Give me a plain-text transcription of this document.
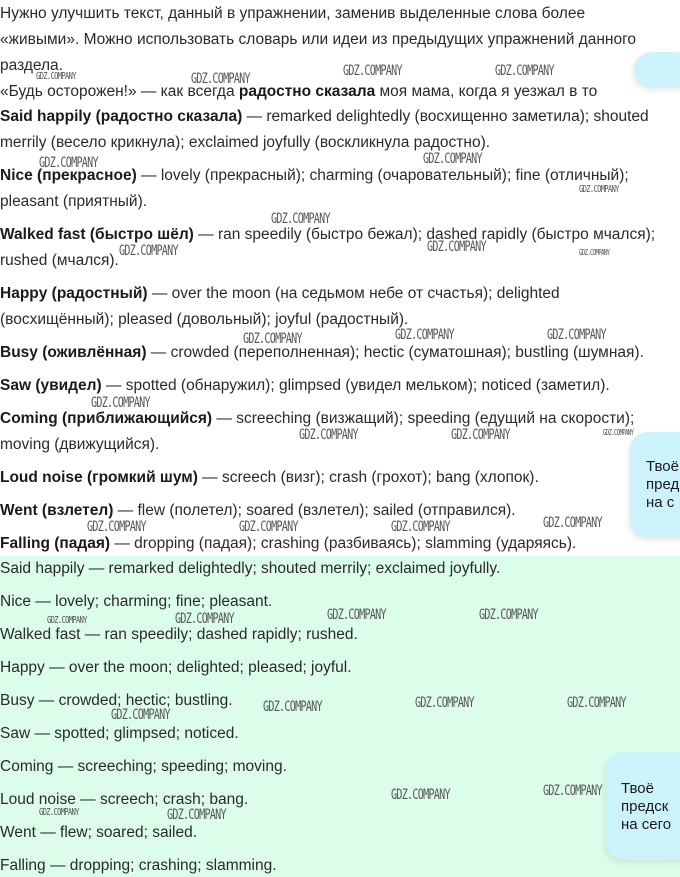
Нужно улучшить текст, данный в упражнении, заменив выделенные слова более
«живыми». Можно использовать словарь или идеи из предыдущих упражнений данного
раздела.
«Будь осторожен!» — как всегда радостно сказала моя мама, когда я уезжал в то
Said happily (радостно сказала) — remarked delightedly (восхищенно заметила); shouted
merrily (весело крикнула); exclaimed joyfully (воскликнула радостно).
Nice (прекрасное) — lovely (прекрасный); charming (очаровательный); fine (отличный);
pleasant (приятный).
Walked fast (быстро шёл) — ran speedily (быстро бежал); dashed rapidly (быстро мчался);
rushed (мчался).
Happy (радостный) — over the moon (на седьмом небе от счастья); delighted
(восхищённый); pleased (довольный); joyful (радостный).
Busy (оживлённая) — crowded (переполненная); hectic (суматошная); bustling (шумная).
Saw (увидел) — spotted (обнаружил); glimpsed (увидел мельком); noticed (заметил).
Coming (приближающийся) — screeching (визжащий); speeding (едущий на скорости);
moving (движущийся).
Loud noise (громкий шум) — screech (визг); crash (грохот); bang (хлопок).
Went (взлетел) — flew (полетел); soared (взлетел); sailed (отправился).
Falling (падая) — dropping (падая); crashing (разбиваясь); slamming (ударяясь).
Said happily — remarked delightedly; shouted merrily; exclaimed joyfully.
Nice — lovely; charming; fine; pleasant.
Walked fast — ran speedily; dashed rapidly; rushed.
Happy — over the moon; delighted; pleased; joyful.
Busy — crowded; hectic; bustling.
Saw — spotted; glimpsed; noticed.
Coming — screeching; speeding; moving.
Loud noise — screech; crash; bang.
Went — flew; soared; sailed.
Falling — dropping; crashing; slamming.
Твоё
пред
на с
Твоё
предск
на сего
GDZ.COMPANY	GDZ.COMPANY	GDZ.COMPANY	GDZ.COMPANY
GDZ.COMPANY	GDZ.COMPANY
GDZ.COMPANY
GDZ.COMPANY
GDZ.COMPANY	GDZ.COMPANY	GDZ.COMPANY
GDZ.COMPANY	GDZ.COMPANY	GDZ.COMPANY
GDZ.COMPANY
GDZ.COMPANY	GDZ.COMPANY	GDZ.COMPANY
GDZ.COMPANY	GDZ.COMPANY	GDZ.COMPANY	GDZ.COMPANY
GDZ.COMPANY	GDZ.COMPANY	GDZ.COMPANY	GDZ.COMPANY
GDZ.COMPANY	GDZ.COMPANY	GDZ.COMPANY	GDZ.COMPANY
GDZ.COMPANY	GDZ.COMPANY
GDZ.COMPANY	GDZ.COMPANY
